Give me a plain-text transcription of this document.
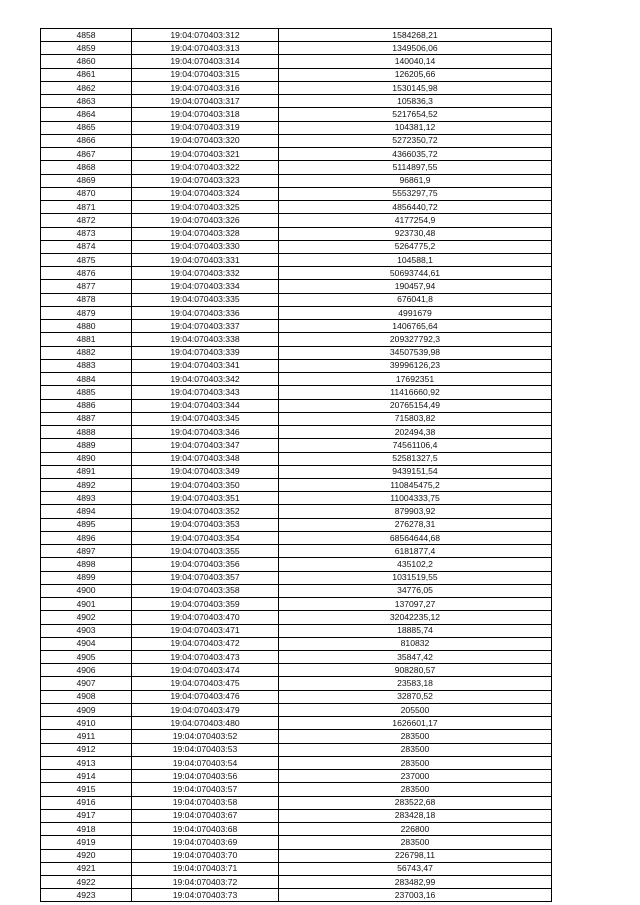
4858	19:04:070403:312	1584268,21
4859	19:04:070403:313	1349506,06
4860	19:04:070403:314	140040,14
4861	19:04:070403:315	126205,66
4862	19:04:070403:316	1530145,98
4863	19:04:070403:317	105836,3
4864	19:04:070403:318	5217654,52
4865	19:04:070403:319	104381,12
4866	19:04:070403:320	5272350,72
4867	19:04:070403:321	4366035,72
4868	19:04:070403:322	5114897,55
4869	19:04:070403:323	96861,9
4870	19:04:070403:324	5553297,75
4871	19:04:070403:325	4856440,72
4872	19:04:070403:326	4177254,9
4873	19:04:070403:328	923730,48
4874	19:04:070403:330	5264775,2
4875	19:04:070403:331	104588,1
4876	19:04:070403:332	50693744,61
4877	19:04:070403:334	190457,94
4878	19:04:070403:335	676041,8
4879	19:04:070403:336	4991679
4880	19:04:070403:337	1406765,64
4881	19:04:070403:338	209327792,3
4882	19:04:070403:339	34507539,98
4883	19:04:070403:341	39996126,23
4884	19:04:070403:342	17692351
4885	19:04:070403:343	11416660,92
4886	19:04:070403:344	20765154,49
4887	19:04:070403:345	715803,82
4888	19:04:070403:346	202494,38
4889	19:04:070403:347	74561106,4
4890	19:04:070403:348	52581327,5
4891	19:04:070403:349	9439151,54
4892	19:04:070403:350	110845475,2
4893	19:04:070403:351	11004333,75
4894	19:04:070403:352	879903,92
4895	19:04:070403:353	276278,31
4896	19:04:070403:354	68564644,68
4897	19:04:070403:355	6181877,4
4898	19:04:070403:356	435102,2
4899	19:04:070403:357	1031519,55
4900	19:04:070403:358	34776,05
4901	19:04:070403:359	137097,27
4902	19:04:070403:470	32042235,12
4903	19:04:070403:471	18885,74
4904	19:04:070403:472	810832
4905	19:04:070403:473	35847,42
4906	19:04:070403:474	908280,57
4907	19:04:070403:475	23583,18
4908	19:04:070403:476	32870,52
4909	19:04:070403:479	205500
4910	19:04:070403:480	1626601,17
4911	19:04:070403:52	283500
4912	19:04:070403:53	283500
4913	19:04:070403:54	283500
4914	19:04:070403:56	237000
4915	19:04:070403:57	283500
4916	19:04:070403:58	283522,68
4917	19:04:070403:67	283428,18
4918	19:04:070403:68	226800
4919	19:04:070403:69	283500
4920	19:04:070403:70	226798,11
4921	19:04:070403:71	56743,47
4922	19:04:070403:72	283482,99
4923	19:04:070403:73	237003,16
